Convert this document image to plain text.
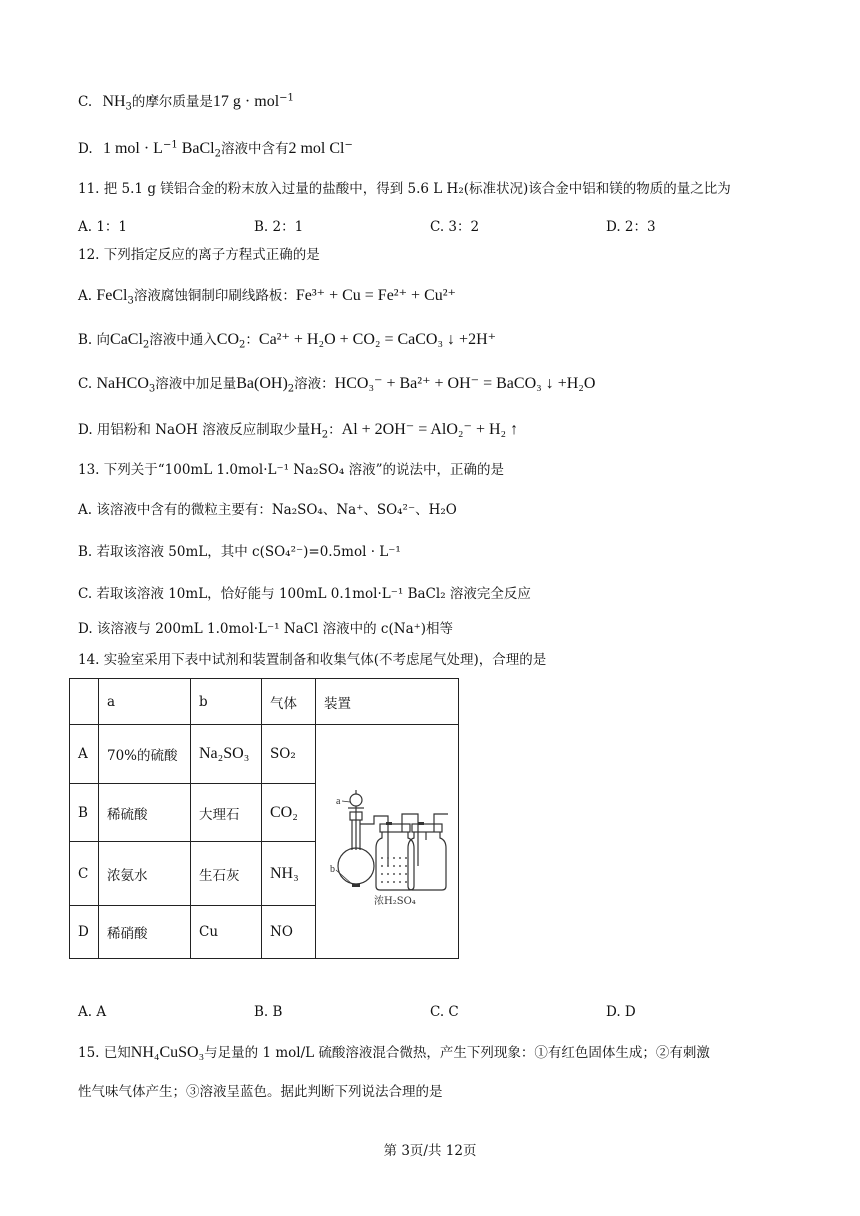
C. $NH_3$的摩尔质量是17 g · mol$^{-1}$
D. 1 mol · $L^{-1}$ BaCl$_2$溶液中含有2 mol Cl−
11. 把 5.1 g 镁铝合金的粉末放入过量的盐酸中，得到 5.6 L H₂(标准状况)该合金中铝和镁的物质的量之比为
A. 1：1	B. 2：1	C. 3：2	D. 2：3
12. 下列指定反应的离子方程式正确的是
A. FeCl$_3$溶液腐蚀铜制印刷线路板：Fe³⁺ + Cu = Fe²⁺ + Cu²⁺
B. 向CaCl$_2$溶液中通入$CO_2$：Ca²⁺ + H₂O + CO₂ = CaCO₃ ↓ +2H⁺
C. NaHCO$_3$溶液中加足量$Ba(OH)_2$溶液：HCO₃⁻ + Ba²⁺ + OH⁻ = BaCO₃ ↓ +H₂O
D. 用铝粉和 NaOH 溶液反应制取少量$H_2$：Al + 2OH⁻ = AlO₂⁻ + H₂ ↑
13. 下列关于“100mL 1.0mol·L⁻¹ Na₂SO₄ 溶液”的说法中，正确的是
A. 该溶液中含有的微粒主要有：Na₂SO₄、Na⁺、SO₄²⁻、H₂O
B. 若取该溶液 50mL，其中 c(SO₄²⁻)=0.5mol · L⁻¹
C. 若取该溶液 10mL，恰好能与 100mL 0.1mol·L⁻¹ BaCl₂ 溶液完全反应
D. 该溶液与 200mL 1.0mol·L⁻¹ NaCl 溶液中的 c(Na⁺)相等
14. 实验室采用下表中试剂和装置制备和收集气体(不考虑尾气处理)，合理的是
	a	b	气体	装置
A	70%的硫酸	Na₂SO₃	SO₂	a
b
浓H₂SO₄

B	稀硫酸	大理石	CO₂	
C	浓氨水	生石灰	NH₃	
D	稀硝酸	Cu	NO	
A. A	B. B	C. C	D. D
15. 已知NH₄CuSO₃与足量的 1 mol/L 硫酸溶液混合微热，产生下列现象：①有红色固体生成；②有刺激
性气味气体产生；③溶液呈蓝色。据此判断下列说法合理的是
第 3页/共 12页
